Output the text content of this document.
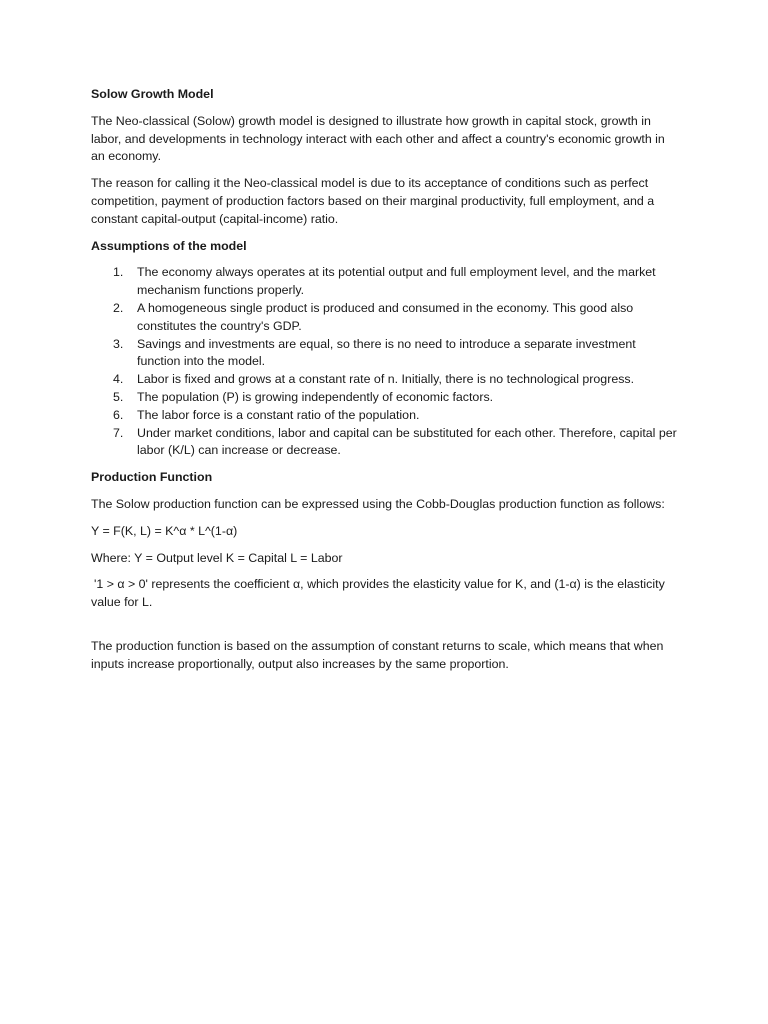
Solow Growth Model

The Neo-classical (Solow) growth model is designed to illustrate how growth in capital stock, growth in labor, and developments in technology interact with each other and affect a country's economic growth in an economy.

The reason for calling it the Neo-classical model is due to its acceptance of conditions such as perfect competition, payment of production factors based on their marginal productivity, full employment, and a constant capital-output (capital-income) ratio.

Assumptions of the model

1. The economy always operates at its potential output and full employment level, and the market mechanism functions properly.
2. A homogeneous single product is produced and consumed in the economy. This good also constitutes the country's GDP.
3. Savings and investments are equal, so there is no need to introduce a separate investment function into the model.
4. Labor is fixed and grows at a constant rate of n. Initially, there is no technological progress.
5. The population (P) is growing independently of economic factors.
6. The labor force is a constant ratio of the population.
7. Under market conditions, labor and capital can be substituted for each other. Therefore, capital per labor (K/L) can increase or decrease.

Production Function

The Solow production function can be expressed using the Cobb-Douglas production function as follows:

Y = F(K, L) = K^α * L^(1-α)

Where: Y = Output level K = Capital L = Labor

'1 > α > 0' represents the coefficient α, which provides the elasticity value for K, and (1-α) is the elasticity value for L.

The production function is based on the assumption of constant returns to scale, which means that when inputs increase proportionally, output also increases by the same proportion.
